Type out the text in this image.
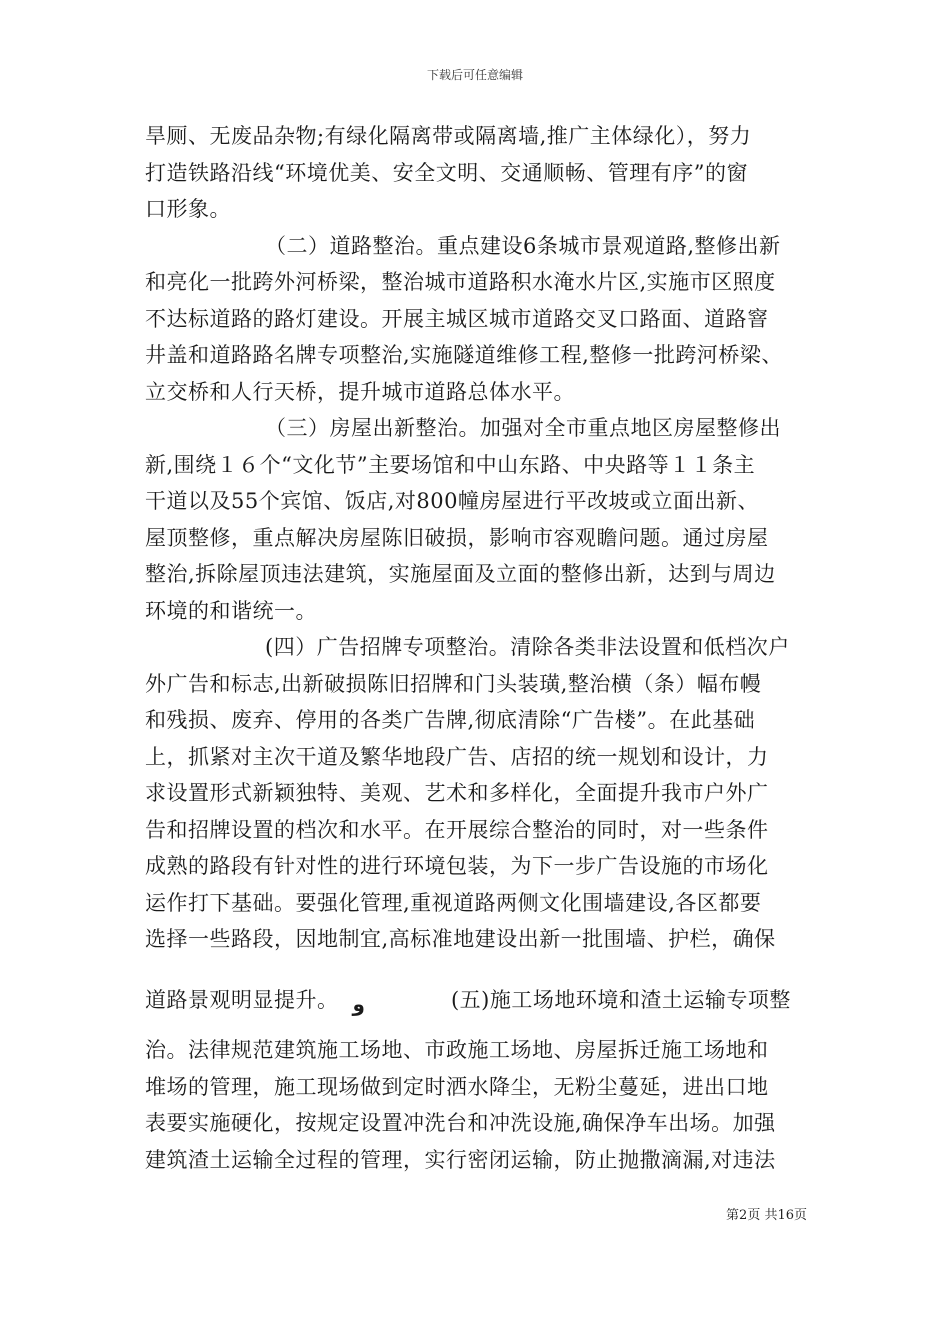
下载后可任意编辑
旱厕、无废品杂物;有绿化隔离带或隔离墙,推广主体绿化），努力
打造铁路沿线“环境优美、安全文明、交通顺畅、管理有序”的窗
口形象。
（二）道路整治。重点建设6条城市景观道路,整修出新
和亮化一批跨外河桥梁，整治城市道路积水淹水片区,实施市区照度
不达标道路的路灯建设。开展主城区城市道路交叉口路面、道路窨
井盖和道路路名牌专项整治,实施隧道维修工程,整修一批跨河桥梁、
立交桥和人行天桥，提升城市道路总体水平。
（三）房屋出新整治。加强对全市重点地区房屋整修出
新,围绕１６个“文化节”主要场馆和中山东路、中央路等１１条主
干道以及55个宾馆、饭店,对800幢房屋进行平改坡或立面出新、
屋顶整修，重点解决房屋陈旧破损，影响市容观瞻问题。通过房屋
整治,拆除屋顶违法建筑，实施屋面及立面的整修出新，达到与周边
环境的和谐统一。
(四）广告招牌专项整治。清除各类非法设置和低档次户
外广告和标志,出新破损陈旧招牌和门头装璜,整治横（条）幅布幔
和残损、废弃、停用的各类广告牌,彻底清除“广告楼”。在此基础
上，抓紧对主次干道及繁华地段广告、店招的统一规划和设计，力
求设置形式新颖独特、美观、艺术和多样化，全面提升我市户外广
告和招牌设置的档次和水平。在开展综合整治的同时，对一些条件
成熟的路段有针对性的进行环境包装，为下一步广告设施的市场化
运作打下基础。要强化管理,重视道路两侧文化围墙建设,各区都要
选择一些路段，因地制宜,高标准地建设出新一批围墙、护栏，确保
道路景观明显提升。 و	(五)施工场地环境和渣土运输专项整
治。法律规范建筑施工场地、市政施工场地、房屋拆迁施工场地和
堆场的管理，施工现场做到定时洒水降尘，无粉尘蔓延，进出口地
表要实施硬化，按规定设置冲洗台和冲洗设施,确保净车出场。加强
建筑渣土运输全过程的管理，实行密闭运输，防止抛撒滴漏,对违法
第2页 共16页
